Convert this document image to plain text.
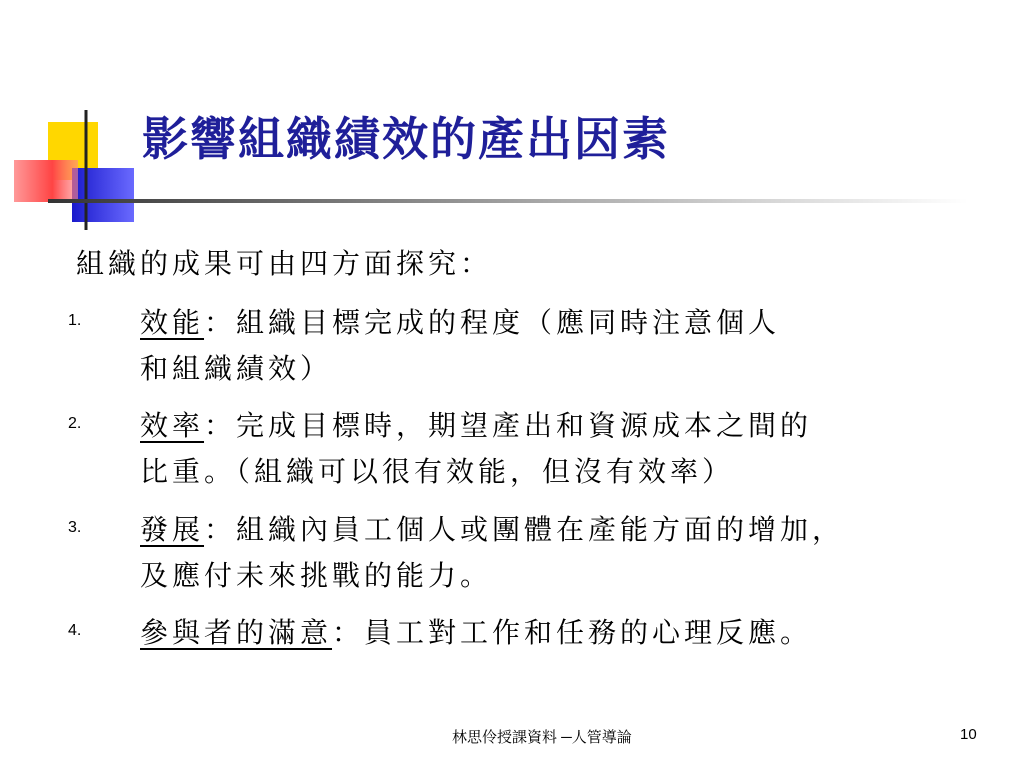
影響組織績效的產出因素
組織的成果可由四方面探究：
1. 效能：組織目標完成的程度（應同時注意個人
和組織績效）
2. 效率：完成目標時，期望產出和資源成本之間的
比重。（組織可以很有效能，但沒有效率）
3. 發展：組織內員工個人或團體在產能方面的增加，
及應付未來挑戰的能力。
4. 參與者的滿意：員工對工作和任務的心理反應。
林思伶授課資料 ─人管導論	10
